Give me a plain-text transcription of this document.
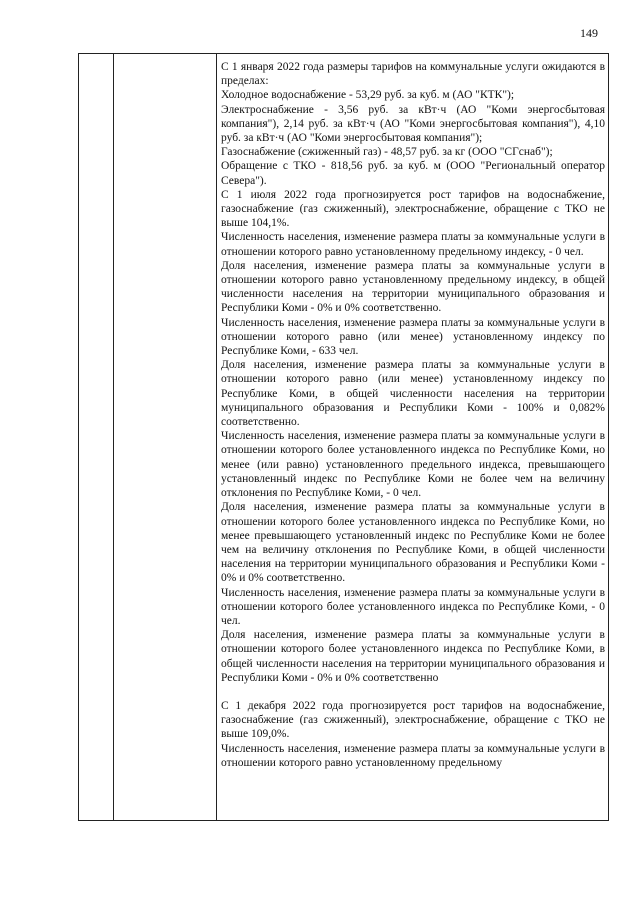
149

С 1 января 2022 года размеры тарифов на коммунальные услуги ожидаются в пределах:

Холодное водоснабжение - 53,29 руб. за куб. м (АО "КТК");

Электроснабжение - 3,56 руб. за кВт·ч (АО "Коми энергосбытовая компания"), 2,14 руб. за кВт·ч (АО "Коми энергосбытовая компания"), 4,10 руб. за кВт·ч (АО "Коми энергосбытовая компания");

Газоснабжение (сжиженный газ) - 48,57 руб. за кг (ООО "СГснаб");

Обращение с ТКО - 818,56 руб. за куб. м (ООО "Региональный оператор Севера").

С 1 июля 2022 года прогнозируется рост тарифов на водоснабжение, газоснабжение (газ сжиженный), электроснабжение, обращение с ТКО не выше 104,1%.

Численность населения, изменение размера платы за коммунальные услуги в отношении которого равно установленному предельному индексу, - 0 чел.

Доля населения, изменение размера платы за коммунальные услуги в отношении которого равно установленному предельному индексу, в общей численности населения на территории муниципального образования и Республики Коми - 0% и 0% соответственно.

Численность населения, изменение размера платы за коммунальные услуги в отношении которого равно (или менее) установленному индексу по Республике Коми, - 633 чел.

Доля населения, изменение размера платы за коммунальные услуги в отношении которого равно (или менее) установленному индексу по Республике Коми, в общей численности населения на территории муниципального образования и Республики Коми - 100% и 0,082% соответственно.

Численность населения, изменение размера платы за коммунальные услуги в отношении которого более установленного индекса по Республике Коми, но менее (или равно) установленного предельного индекса, превышающего установленный индекс по Республике Коми не более чем на величину отклонения по Республике Коми, - 0 чел.

Доля населения, изменение размера платы за коммунальные услуги в отношении которого более установленного индекса по Республике Коми, но менее превышающего установленный индекс по Республике Коми не более чем на величину отклонения по Республике Коми, в общей численности населения на территории муниципального образования и Республики Коми - 0% и 0% соответственно.

Численность населения, изменение размера платы за коммунальные услуги в отношении которого более установленного индекса по Республике Коми, - 0 чел.

Доля населения, изменение размера платы за коммунальные услуги в отношении которого более установленного индекса по Республике Коми, в общей численности населения на территории муниципального образования и Республики Коми - 0% и 0% соответственно

С 1 декабря 2022 года прогнозируется рост тарифов на водоснабжение, газоснабжение (газ сжиженный), электроснабжение, обращение с ТКО не выше 109,0%.

Численность населения, изменение размера платы за коммунальные услуги в отношении которого равно установленному предельному
